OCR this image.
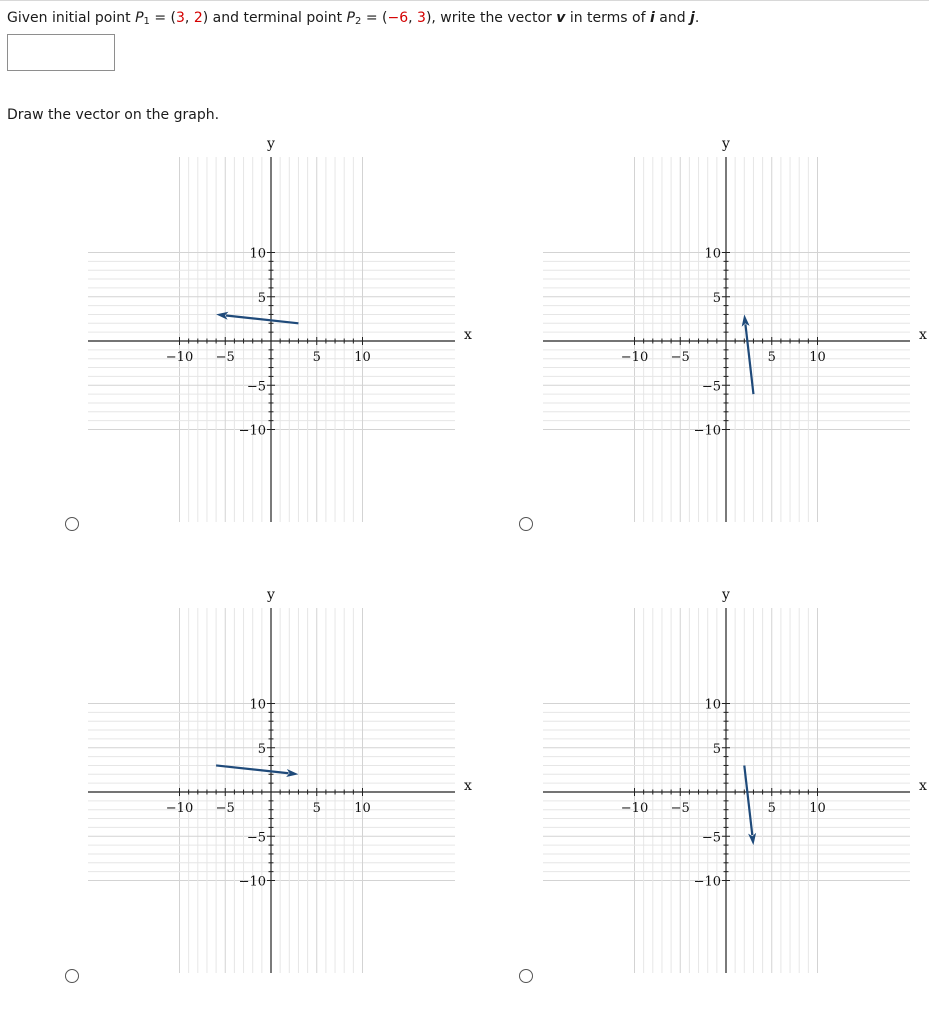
Given initial point $P_1 = (3$, 2) and terminal point $P_2 = (-6$, 3), write the vector v in terms of i and j.
Draw the vector on the graph.
−10 −5	5	10
10
5
−5
−10
x
y
−10 −5	5	10
10
5
−5
−10
x
y
−10 −5	5	10
10
5
−5
−10
x
y
−10 −5	5	10
10
5
−5
−10
x
y
